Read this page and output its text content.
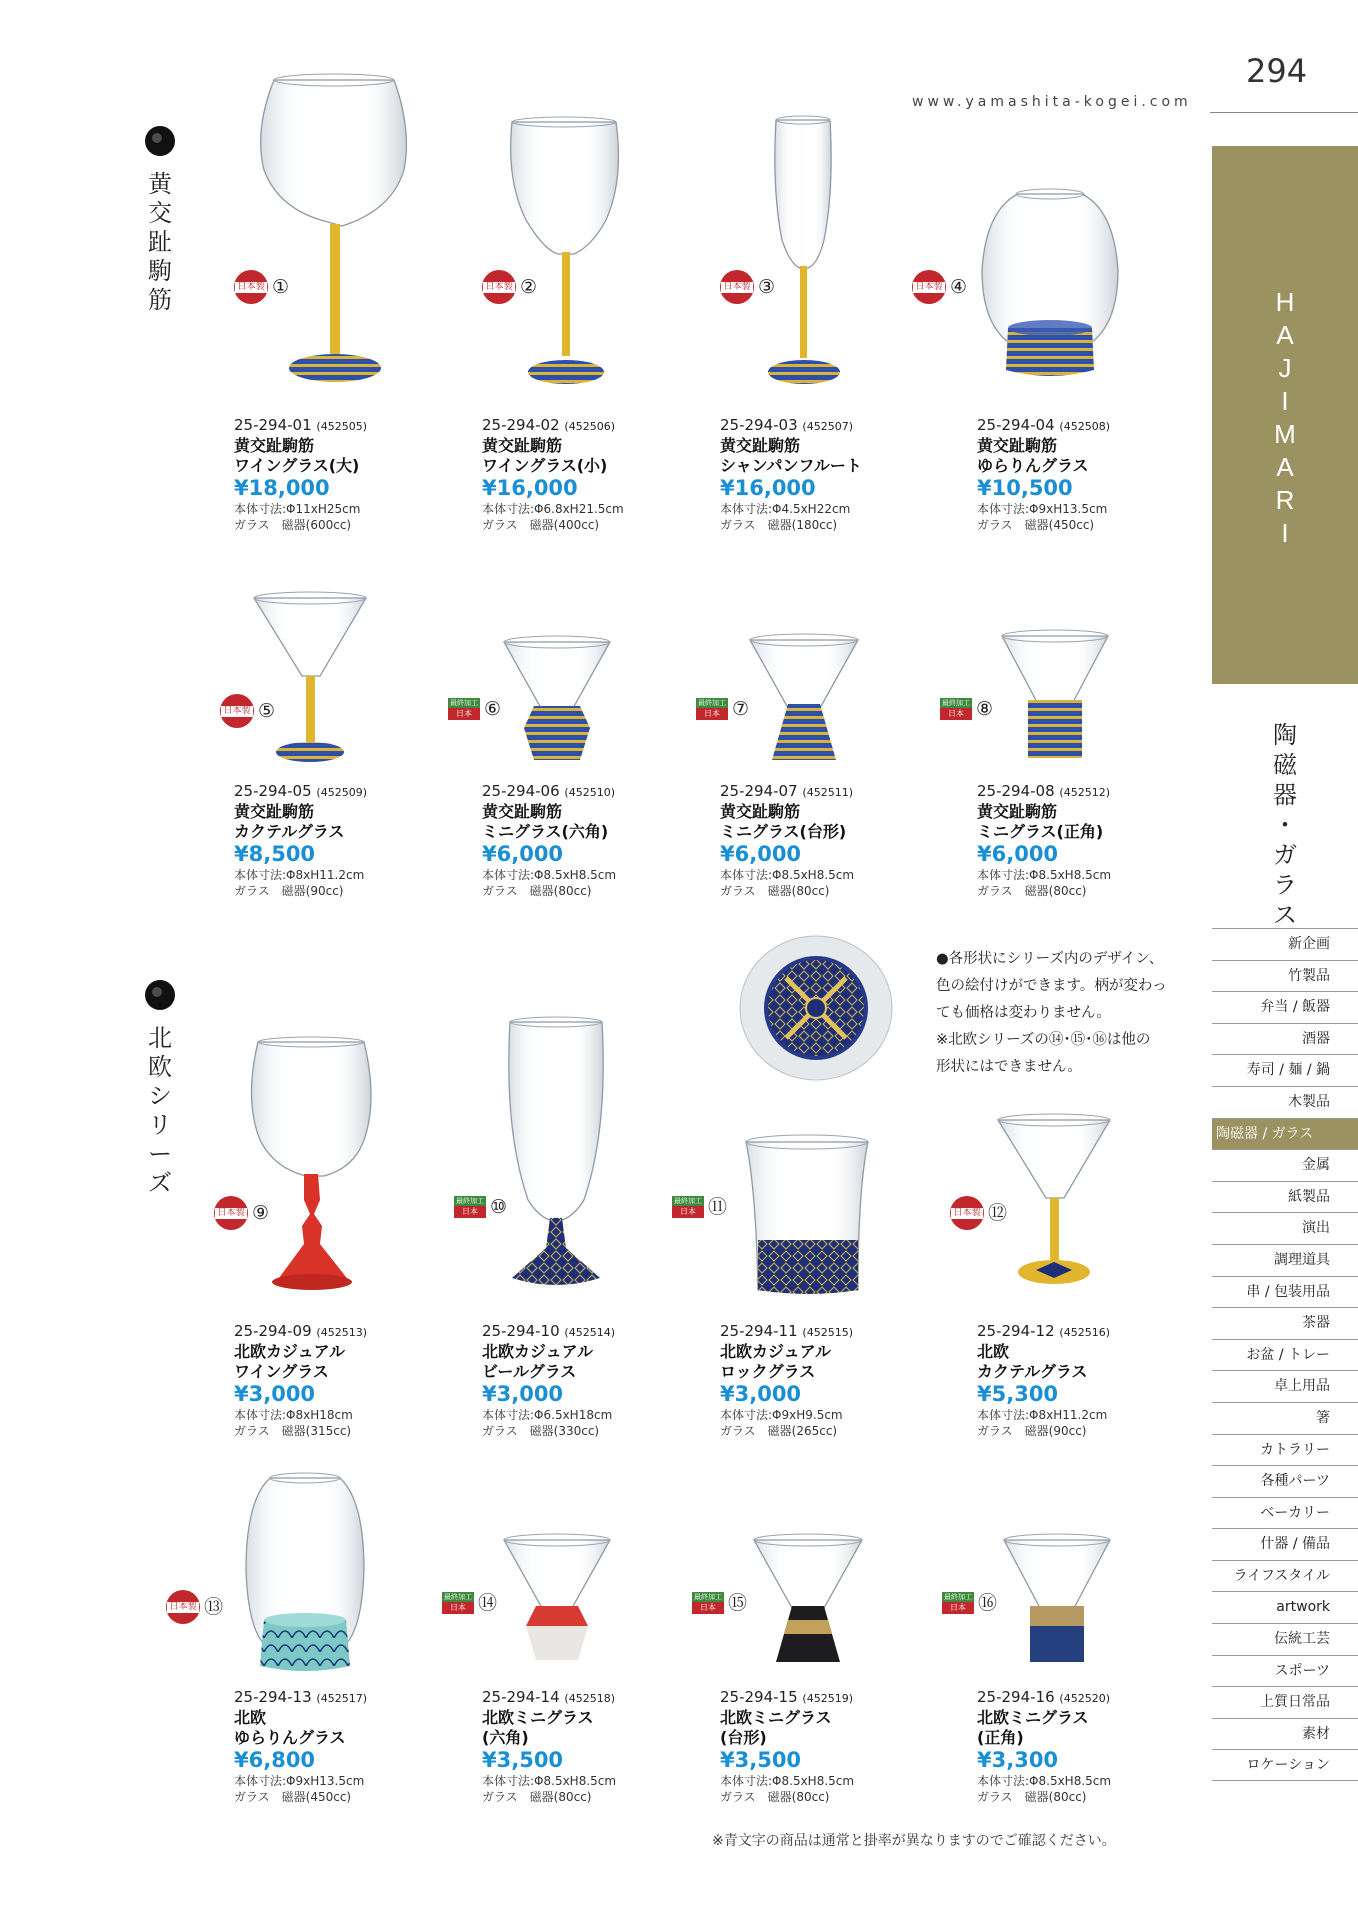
294
www.yamashita-kogei.com
H
A
J
I
M
A
R
I
陶
磁
器
・
ガ
ラ
ス
新企画
竹製品
弁当 / 飯器
酒器
寿司 / 麺 / 鍋
木製品
陶磁器 / ガラス
金属
紙製品
演出
調理道具
串 / 包装用品
茶器
お盆 / トレー
卓上用品
箸
カトラリー
各種パーツ
ベーカリー
什器 / 備品
ライフスタイル
artwork
伝統工芸
スポーツ
上質日常品
素材
ロケーション
黄
交
趾
駒
筋
北
欧
シ
リ
ー
ズ
日本製 ①
25-294-01 (452505)
黄交趾駒筋
ワイングラス(大)
¥18,000
本体寸法:Φ11xH25cm
ガラス　磁器(600cc)
日本製 ②
25-294-02 (452506)
黄交趾駒筋
ワイングラス(小)
¥16,000
本体寸法:Φ6.8xH21.5cm
ガラス　磁器(400cc)
日本製 ③
25-294-03 (452507)
黄交趾駒筋
シャンパンフルート
¥16,000
本体寸法:Φ4.5xH22cm
ガラス　磁器(180cc)
日本製 ④
25-294-04 (452508)
黄交趾駒筋
ゆらりんグラス
¥10,500
本体寸法:Φ9xH13.5cm
ガラス　磁器(450cc)
日本製 ⑤
25-294-05 (452509)
黄交趾駒筋
カクテルグラス
¥8,500
本体寸法:Φ8xH11.2cm
ガラス　磁器(90cc)
最終加工
日本 ⑥
25-294-06 (452510)
黄交趾駒筋
ミニグラス(六角)
¥6,000
本体寸法:Φ8.5xH8.5cm
ガラス　磁器(80cc)
最終加工
日本 ⑦
25-294-07 (452511)
黄交趾駒筋
ミニグラス(台形)
¥6,000
本体寸法:Φ8.5xH8.5cm
ガラス　磁器(80cc)
最終加工
日本 ⑧
25-294-08 (452512)
黄交趾駒筋
ミニグラス(正角)
¥6,000
本体寸法:Φ8.5xH8.5cm
ガラス　磁器(80cc)
●各形状にシリーズ内のデザイン、
色の絵付けができます。柄が変わっ
ても価格は変わりません。
※北欧シリーズの⑭･⑮･⑯は他の
形状にはできません。
日本製 ⑨
25-294-09 (452513)
北欧カジュアル
ワイングラス
¥3,000
本体寸法:Φ8xH18cm
ガラス　磁器(315cc)
最終加工
日本 ⑩
25-294-10 (452514)
北欧カジュアル
ビールグラス
¥3,000
本体寸法:Φ6.5xH18cm
ガラス　磁器(330cc)
最終加工
日本 ⑪
25-294-11 (452515)
北欧カジュアル
ロックグラス
¥3,000
本体寸法:Φ9xH9.5cm
ガラス　磁器(265cc)
日本製 ⑫
25-294-12 (452516)
北欧
カクテルグラス
¥5,300
本体寸法:Φ8xH11.2cm
ガラス　磁器(90cc)
日本製 ⑬
25-294-13 (452517)
北欧
ゆらりんグラス
¥6,800
本体寸法:Φ9xH13.5cm
ガラス　磁器(450cc)
最終加工
日本 ⑭
25-294-14 (452518)
北欧ミニグラス
(六角)
¥3,500
本体寸法:Φ8.5xH8.5cm
ガラス　磁器(80cc)
最終加工
日本 ⑮
25-294-15 (452519)
北欧ミニグラス
(台形)
¥3,500
本体寸法:Φ8.5xH8.5cm
ガラス　磁器(80cc)
最終加工
日本 ⑯
25-294-16 (452520)
北欧ミニグラス
(正角)
¥3,300
本体寸法:Φ8.5xH8.5cm
ガラス　磁器(80cc)
※青文字の商品は通常と掛率が異なりますのでご確認ください。
